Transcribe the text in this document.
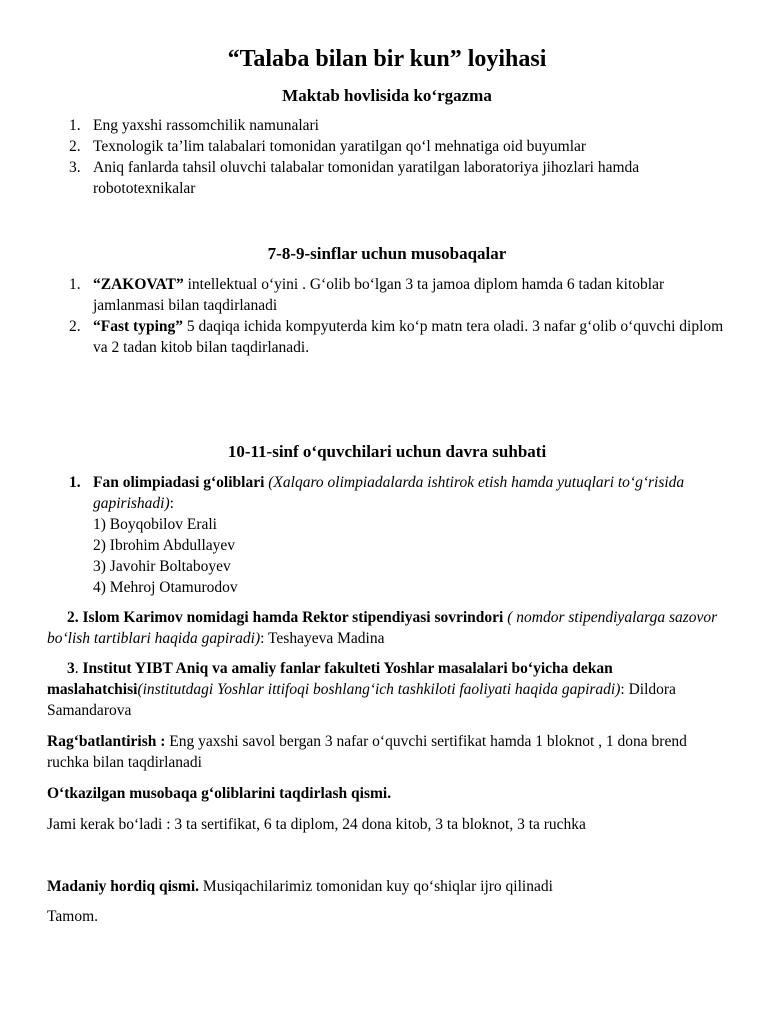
“Talaba bilan bir kun” loyihasi
Maktab hovlisida ko‘rgazma
1. Eng yaxshi rassomchilik namunalari
2. Texnologik ta’lim talabalari tomonidan yaratilgan qo‘l mehnatiga oid buyumlar
3. Aniq fanlarda tahsil oluvchi talabalar tomonidan yaratilgan laboratoriya jihozlari hamda robototexnikalar
7-8-9-sinflar uchun musobaqalar
1. “ZAKOVAT” intellektual o‘yini . G‘olib bo‘lgan 3 ta jamoa diplom hamda 6 tadan kitoblar jamlanmasi bilan taqdirlanadi
2. “Fast typing” 5 daqiqa ichida kompyuterda kim ko‘p matn tera oladi. 3 nafar g‘olib o‘quvchi diplom va 2 tadan kitob bilan taqdirlanadi.
10-11-sinf o‘quvchilari uchun davra suhbati
1. Fan olimpiadasi g‘oliblari (Xalqaro olimpiadalarda ishtirok etish hamda yutuqlari to‘g‘risida gapirishadi):
1) Boyqobilov Erali
2) Ibrohim Abdullayev
3) Javohir Boltaboyev
4) Mehroj Otamurodov

2. Islom Karimov nomidagi hamda Rektor stipendiyasi sovrindori ( nomdor stipendiyalarga sazovor bo‘lish tartiblari haqida gapiradi): Teshayeva Madina

3. Institut YIBT Aniq va amaliy fanlar fakulteti Yoshlar masalalari bo‘yicha dekan maslahatchisi(institutdagi Yoshlar ittifoqi boshlang‘ich tashkiloti faoliyati haqida gapiradi): Dildora Samandarova

Rag‘batlantirish : Eng yaxshi savol bergan 3 nafar o‘quvchi sertifikat hamda 1 bloknot , 1 dona brend ruchka bilan taqdirlanadi

O‘tkazilgan musobaqa g‘oliblarini taqdirlash qismi.

Jami kerak bo‘ladi : 3 ta sertifikat, 6 ta diplom, 24 dona kitob, 3 ta bloknot, 3 ta ruchka

Madaniy hordiq qismi. Musiqachilarimiz tomonidan kuy qo‘shiqlar ijro qilinadi

Tamom.
